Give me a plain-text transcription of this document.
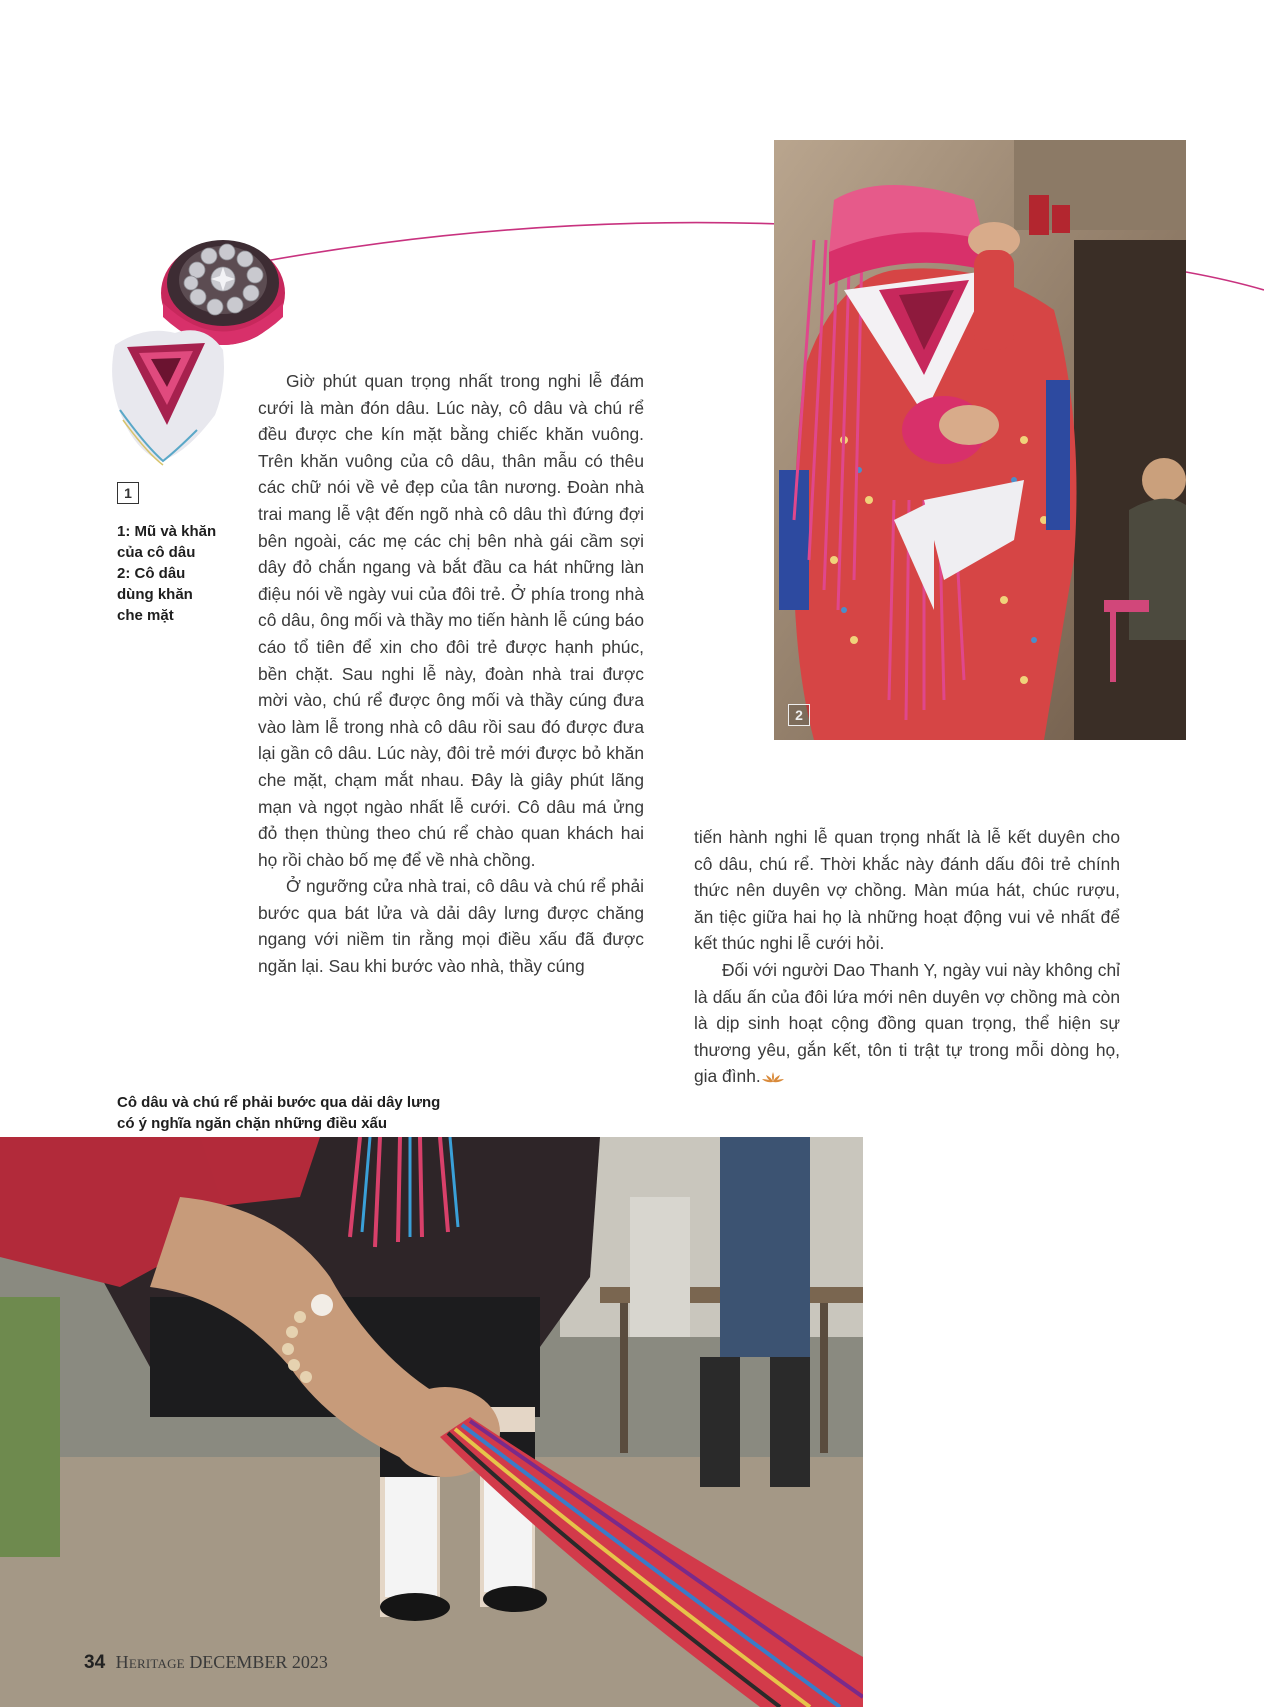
1
1: Mũ và khăn
của cô dâu
2: Cô dâu
dùng khăn
che mặt

Giờ phút quan trọng nhất trong nghi lễ đám cưới là màn đón dâu. Lúc này, cô dâu và chú rể đều được che kín mặt bằng chiếc khăn vuông. Trên khăn vuông của cô dâu, thân mẫu có thêu các chữ nói về vẻ đẹp của tân nương. Đoàn nhà trai mang lễ vật đến ngõ nhà cô dâu thì đứng đợi bên ngoài, các mẹ các chị bên nhà gái cầm sợi dây đỏ chắn ngang và bắt đầu ca hát những làn điệu nói về ngày vui của đôi trẻ. Ở phía trong nhà cô dâu, ông mối và thầy mo tiến hành lễ cúng báo cáo tổ tiên để xin cho đôi trẻ được hạnh phúc, bền chặt. Sau nghi lễ này, đoàn nhà trai được mời vào, chú rể được ông mối và thầy cúng đưa vào làm lễ trong nhà cô dâu rồi sau đó được đưa lại gần cô dâu. Lúc này, đôi trẻ mới được bỏ khăn che mặt, chạm mắt nhau. Đây là giây phút lãng mạn và ngọt ngào nhất lễ cưới. Cô dâu má ửng đỏ thẹn thùng theo chú rể chào quan khách hai họ rồi chào bố mẹ để về nhà chồng.

Ở ngưỡng cửa nhà trai, cô dâu và chú rể phải bước qua bát lửa và dải dây lưng được chăng ngang với niềm tin rằng mọi điều xấu đã được ngăn lại. Sau khi bước vào nhà, thầy cúng

2

tiến hành nghi lễ quan trọng nhất là lễ kết duyên cho cô dâu, chú rể. Thời khắc này đánh dấu đôi trẻ chính thức nên duyên vợ chồng. Màn múa hát, chúc rượu, ăn tiệc giữa hai họ là những hoạt động vui vẻ nhất để kết thúc nghi lễ cưới hỏi.

Đối với người Dao Thanh Y, ngày vui này không chỉ là dấu ấn của đôi lứa mới nên duyên vợ chồng mà còn là dịp sinh hoạt cộng đồng quan trọng, thể hiện sự thương yêu, gắn kết, tôn ti trật tự trong mỗi dòng họ, gia đình.

Cô dâu và chú rể phải bước qua dải dây lưng
có ý nghĩa ngăn chặn những điều xấu
34 Heritage DECEMBER 2023
